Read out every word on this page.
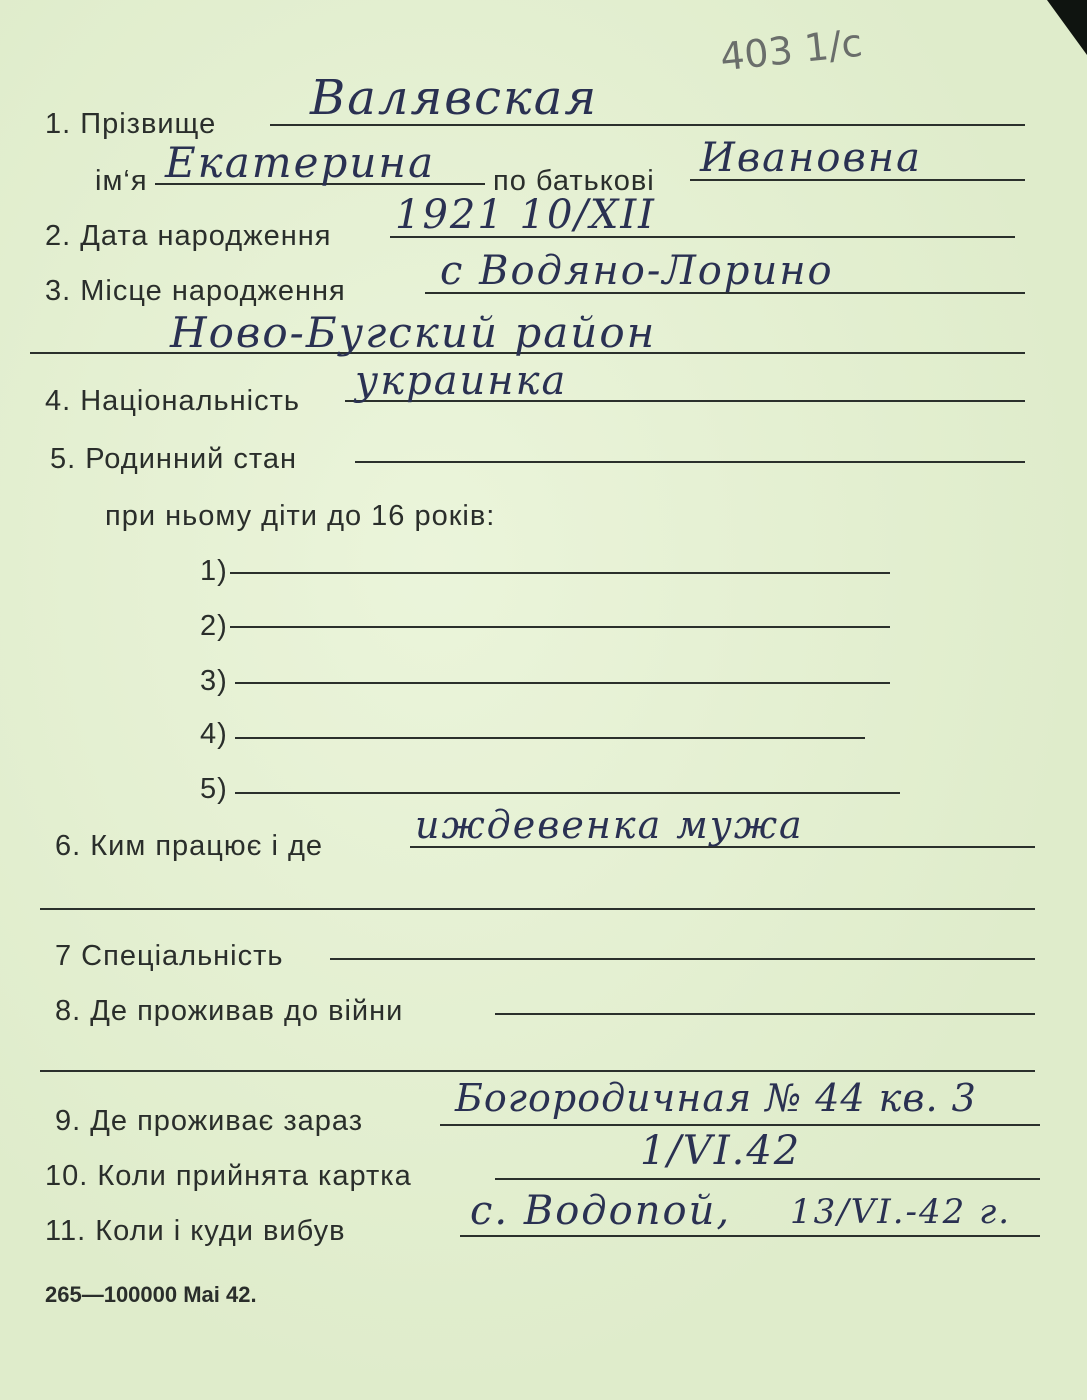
403 1/с
1. Прізвище Валявская
ім‘я Екатерина по батькові Ивановна
2. Дата народження 1921 10/XII
3. Місце народження с Водяно-Лорино
Ново-Бугский район
4. Національність украинка
5. Родинний стан
при ньому діти до 16 років:
1)
2)
3)
4)
5)
6. Ким працює і де иждевенка мужа
7 Спеціальність
8. Де проживав до війни
9. Де проживає зараз
Богородичная № 44 кв. 3
10. Коли прийнята картка
1/VI.42
11. Коли і куди вибув	с. Водопой, 13/VI.-42 г.
265—100000 Mai 42.
